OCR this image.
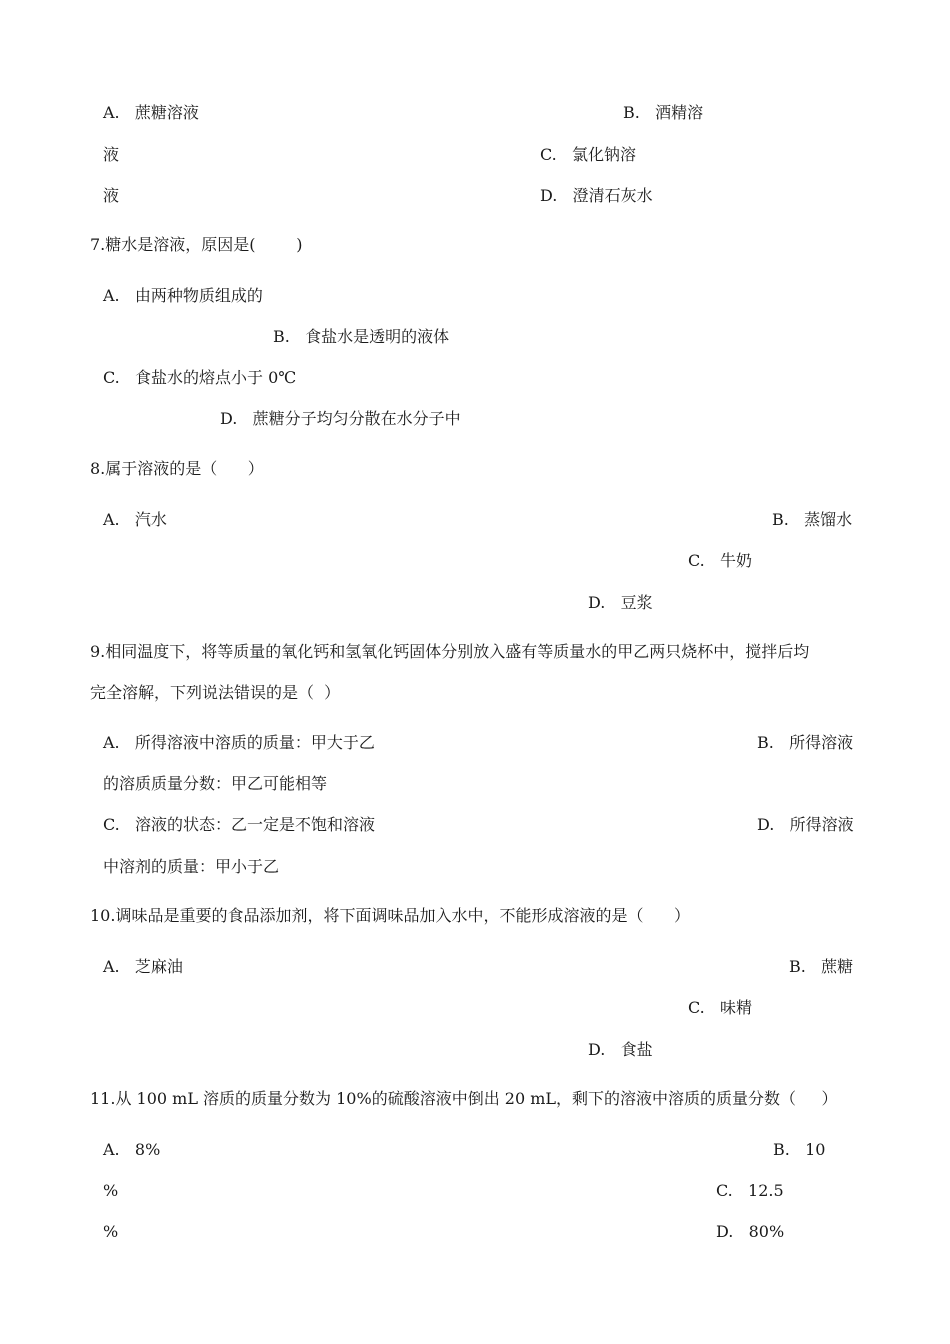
A.   蔗糖溶液	B.   酒精溶
液	C.   氯化钠溶
液	D.   澄清石灰水
7.糖水是溶液，原因是(        )
A.   由两种物质组成的
B.   食盐水是透明的液体
C.   食盐水的熔点小于 0℃
D.   蔗糖分子均匀分散在水分子中
8.属于溶液的是（      ）
A.   汽水	B.   蒸馏水
C.   牛奶
D.   豆浆
9.相同温度下，将等质量的氧化钙和氢氧化钙固体分别放入盛有等质量水的甲乙两只烧杯中，搅拌后均
完全溶解，下列说法错误的是（  ）
A.   所得溶液中溶质的质量：甲大于乙	B.   所得溶液
的溶质质量分数：甲乙可能相等
C.   溶液的状态：乙一定是不饱和溶液	D.   所得溶液
中溶剂的质量：甲小于乙
10.调味品是重要的食品添加剂，将下面调味品加入水中，不能形成溶液的是（      ）
A.   芝麻油	B.   蔗糖
C.   味精
D.   食盐
11.从 100 mL 溶质的质量分数为 10%的硫酸溶液中倒出 20 mL，剩下的溶液中溶质的质量分数（     ）
A.   8%	B.   10
%	C.   12.5
%	D.   80%
